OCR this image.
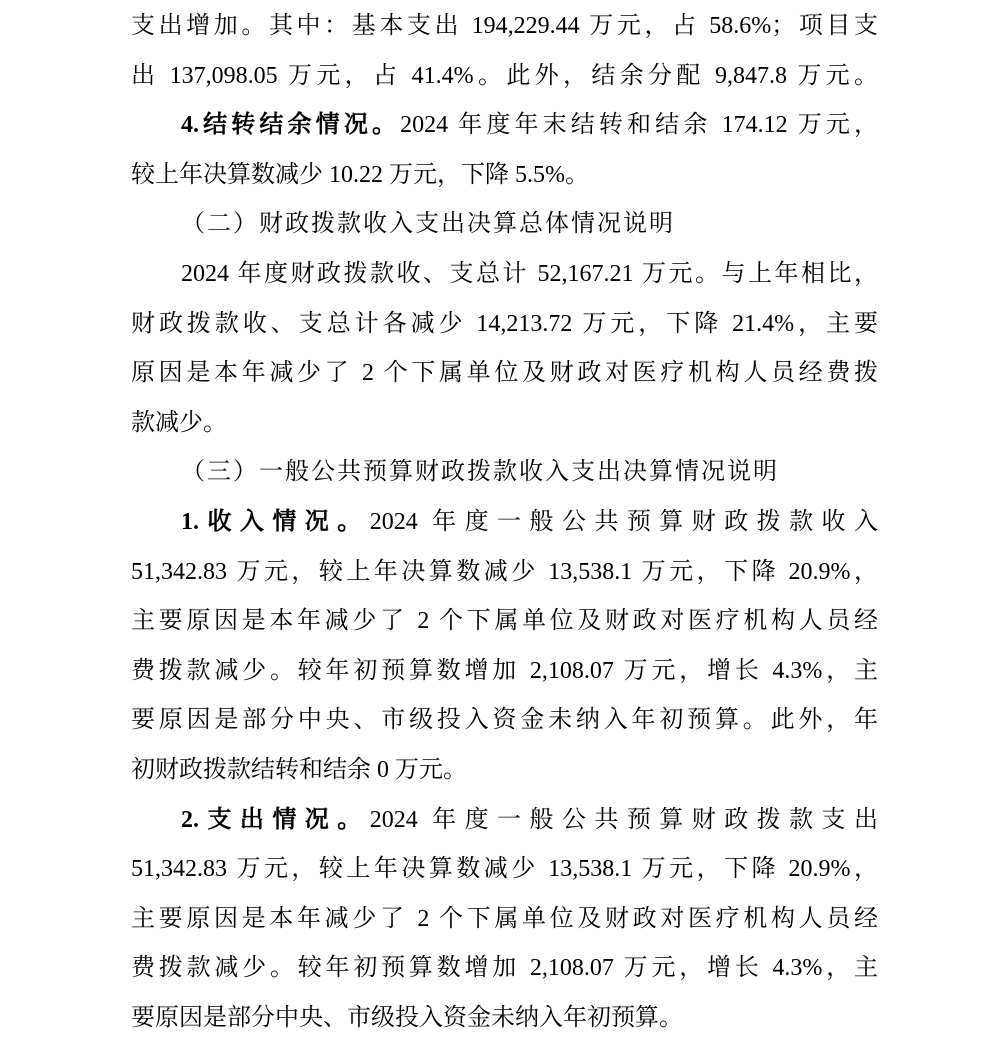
支出增加。其中：基本支出 194,229.44 万元，占 58.6%；项目支
出 137,098.05 万元，占 41.4%。此外，结余分配 9,847.8 万元。
4.结转结余情况。2024 年度年末结转和结余 174.12 万元，
较上年决算数减少 10.22 万元，下降 5.5%。
（二）财政拨款收入支出决算总体情况说明
2024 年度财政拨款收、支总计 52,167.21 万元。与上年相比，
财政拨款收、支总计各减少 14,213.72 万元，下降 21.4%，主要
原因是本年减少了 2 个下属单位及财政对医疗机构人员经费拨
款减少。
（三）一般公共预算财政拨款收入支出决算情况说明
1.收入情况。2024 年度一般公共预算财政拨款收入
51,342.83 万元，较上年决算数减少 13,538.1 万元，下降 20.9%，
主要原因是本年减少了 2 个下属单位及财政对医疗机构人员经
费拨款减少。较年初预算数增加 2,108.07 万元，增长 4.3%，主
要原因是部分中央、市级投入资金未纳入年初预算。此外，年
初财政拨款结转和结余 0 万元。
2.支出情况。2024 年度一般公共预算财政拨款支出
51,342.83 万元，较上年决算数减少 13,538.1 万元，下降 20.9%，
主要原因是本年减少了 2 个下属单位及财政对医疗机构人员经
费拨款减少。较年初预算数增加 2,108.07 万元，增长 4.3%，主
要原因是部分中央、市级投入资金未纳入年初预算。
